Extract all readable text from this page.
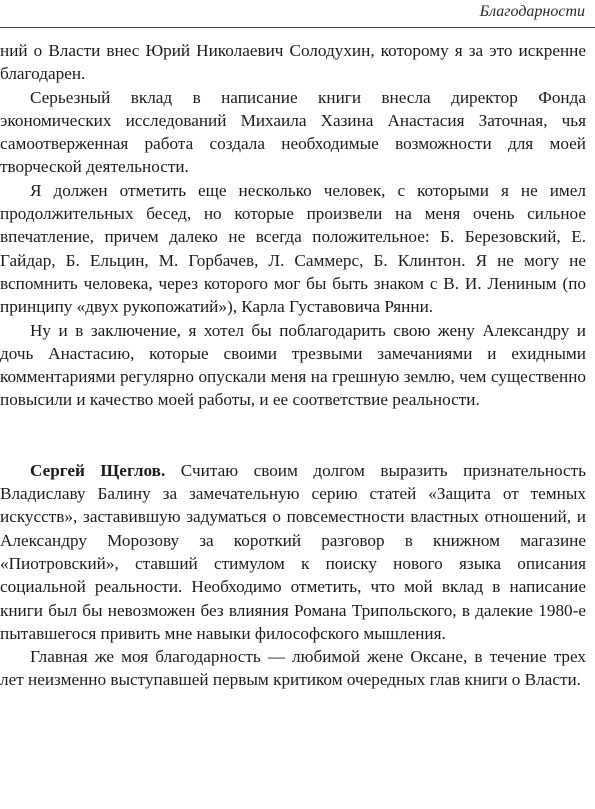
Благодарности

ний о Власти внес Юрий Николаевич Солодухин, которому я за это искренне благодарен.

Серьезный вклад в написание книги внесла директор Фонда экономических исследований Михаила Хазина Анастасия Заточная, чья самоотверженная работа создала необходимые возможности для моей творческой деятельности.

Я должен отметить еще несколько человек, с которыми я не имел продолжительных бесед, но которые произвели на меня очень сильное впечатление, причем далеко не всегда положительное: Б. Березовский, Е. Гайдар, Б. Ельцин, М. Горбачев, Л. Саммерс, Б. Клинтон. Я не могу не вспомнить человека, через которого мог бы быть знаком с В. И. Лениным (по принципу «двух рукопожатий»), Карла Густавовича Рянни.

Ну и в заключение, я хотел бы поблагодарить свою жену Александру и дочь Анастасию, которые своими трезвыми замечаниями и ехидными комментариями регулярно опускали меня на грешную землю, чем существенно повысили и качество моей работы, и ее соответствие реальности.

Сергей Щеглов. Считаю своим долгом выразить признательность Владиславу Балину за замечательную серию статей «Защита от темных искусств», заставившую задуматься о повсеместности властных отношений, и Александру Морозову за короткий разговор в книжном магазине «Пиотровский», ставший стимулом к поиску нового языка описания социальной реальности. Необходимо отметить, что мой вклад в написание книги был бы невозможен без влияния Романа Трипольского, в далекие 1980-е пытавшегося привить мне навыки философского мышления.

Главная же моя благодарность — любимой жене Оксане, в течение трех лет неизменно выступавшей первым критиком очередных глав книги о Власти.
